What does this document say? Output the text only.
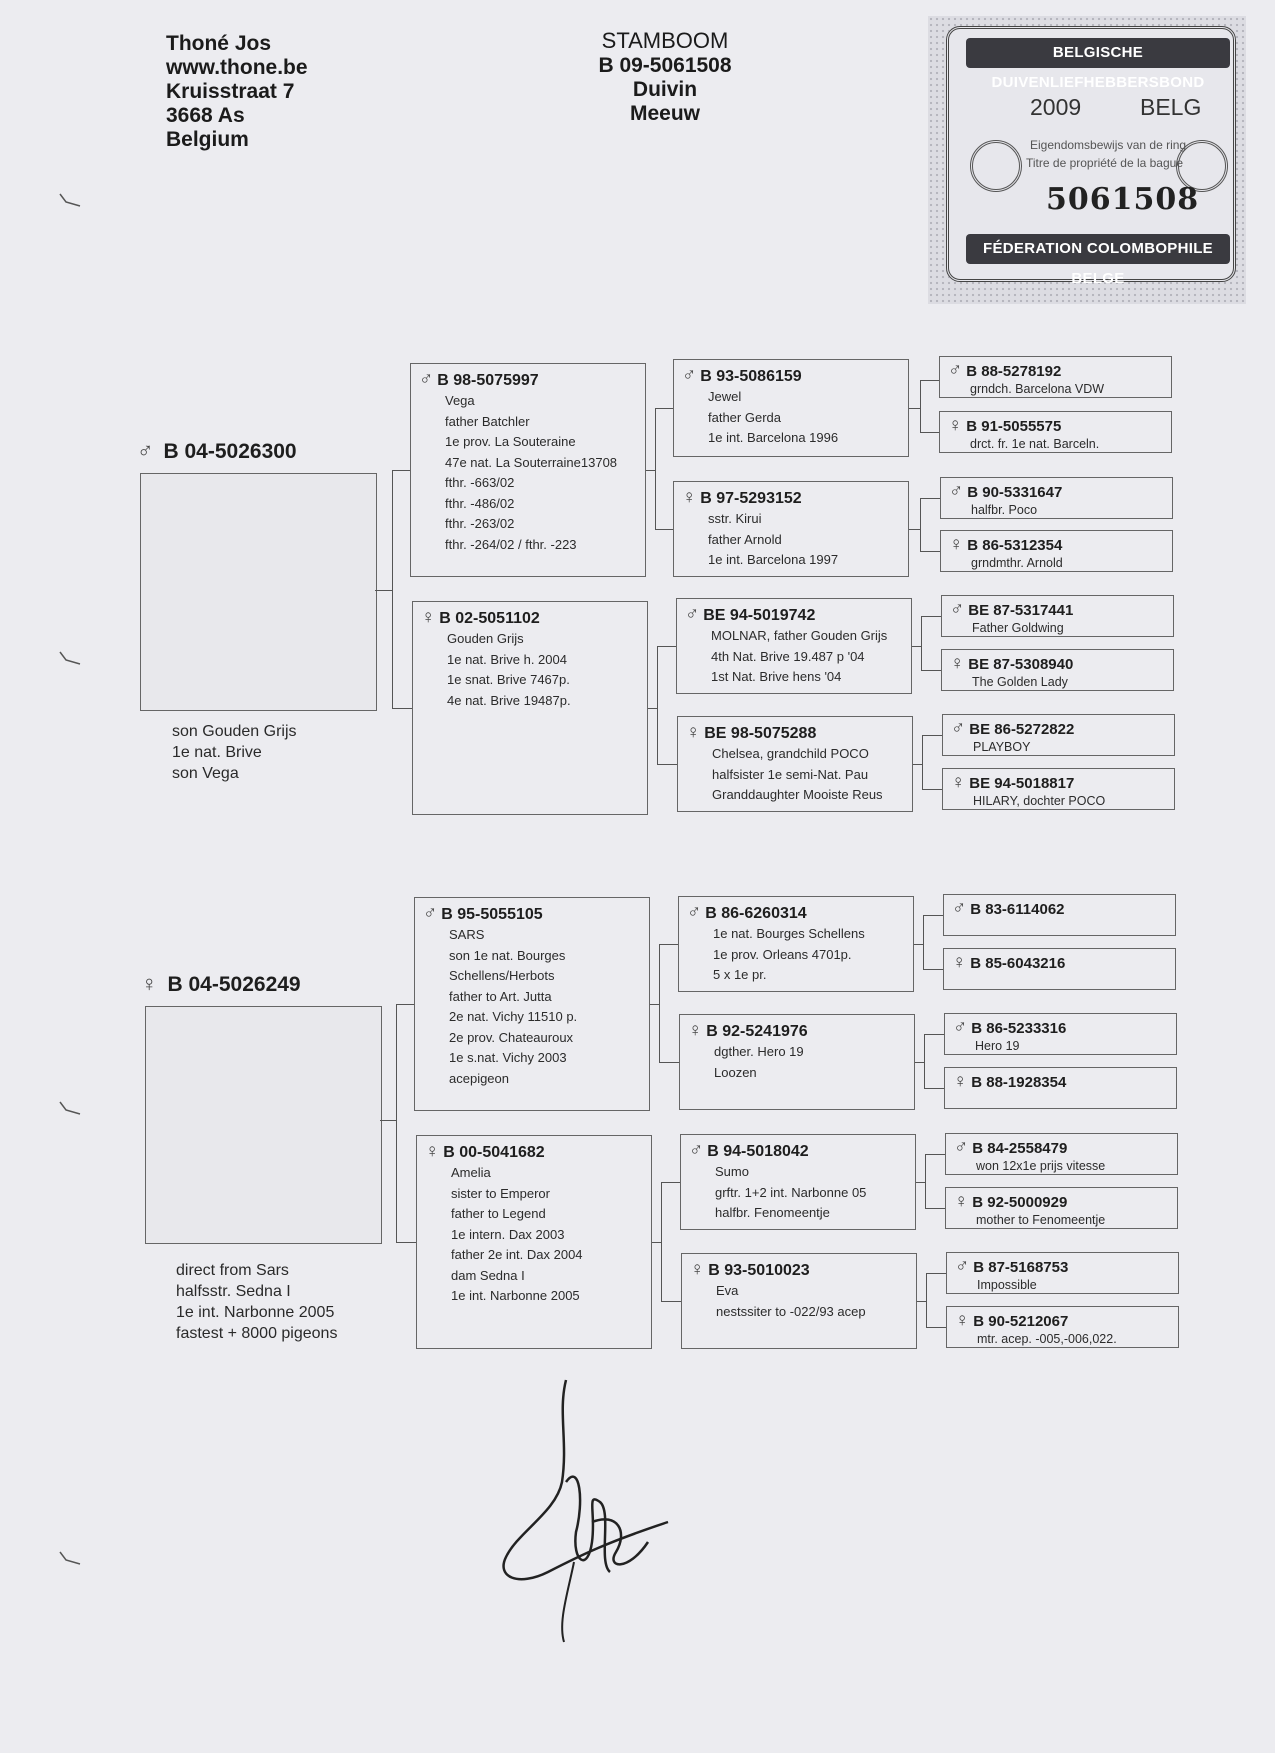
Thoné Jos
www.thone.be
Kruisstraat 7
3668 As
Belgium
STAMBOOM
B 09-5061508
Duivin
Meeuw
BELGISCHE DUIVENLIEFHEBBERSBOND
2009	BELG
Eigendomsbewijs van de ring
Titre de propriété de la bague
5061508
FÉDERATION COLOMBOPHILE BELGE
♂ B 04-5026300
son Gouden Grijs
1e nat. Brive
son Vega
♀ B 04-5026249
direct from Sars
halfsstr. Sedna I
1e int. Narbonne 2005
fastest + 8000 pigeons
♂ B 98-5075997
Vega
father Batchler
1e prov. La Souteraine
47e nat. La Souterraine13708
fthr. -663/02
fthr. -486/02
fthr. -263/02
fthr. -264/02 / fthr. -223
♀ B 02-5051102
Gouden Grijs
1e nat. Brive h. 2004
1e snat. Brive 7467p.
4e nat. Brive 19487p.
♂ B 95-5055105
SARS
son 1e nat. Bourges
Schellens/Herbots
father to Art. Jutta
2e nat. Vichy 11510 p.
2e prov. Chateauroux
1e s.nat. Vichy 2003
acepigeon
♀ B 00-5041682
Amelia
sister to Emperor
father to Legend
1e intern. Dax 2003
father 2e int. Dax 2004
dam Sedna I
1e int. Narbonne 2005
♂ B 93-5086159
Jewel
father Gerda
1e int. Barcelona 1996
♀ B 97-5293152
sstr. Kirui
father Arnold
1e int. Barcelona 1997
♂ BE 94-5019742
MOLNAR, father Gouden Grijs
4th Nat. Brive 19.487 p '04
1st Nat. Brive hens '04
♀ BE 98-5075288
Chelsea, grandchild POCO
halfsister 1e semi-Nat. Pau
Granddaughter Mooiste Reus
♂ B 86-6260314
1e nat. Bourges Schellens
1e prov. Orleans 4701p.
5 x 1e pr.
♀ B 92-5241976
dgther. Hero 19
Loozen
♂ B 94-5018042
Sumo
grftr. 1+2 int. Narbonne 05
halfbr. Fenomeentje
♀ B 93-5010023
Eva
nestssiter to -022/93 acep
♂ B 88-5278192
grndch. Barcelona VDW
♀ B 91-5055575
drct. fr. 1e nat. Barceln.
♂ B 90-5331647
halfbr. Poco
♀ B 86-5312354
grndmthr. Arnold
♂ BE 87-5317441
Father Goldwing
♀ BE 87-5308940
The Golden Lady
♂ BE 86-5272822
PLAYBOY
♀ BE 94-5018817
HILARY, dochter POCO
♂ B 83-6114062
♀ B 85-6043216
♂ B 86-5233316
Hero 19
♀ B 88-1928354
♂ B 84-2558479
won 12x1e prijs vitesse
♀ B 92-5000929
mother to Fenomeentje
♂ B 87-5168753
Impossible
♀ B 90-5212067
mtr. acep. -005,-006,022.
